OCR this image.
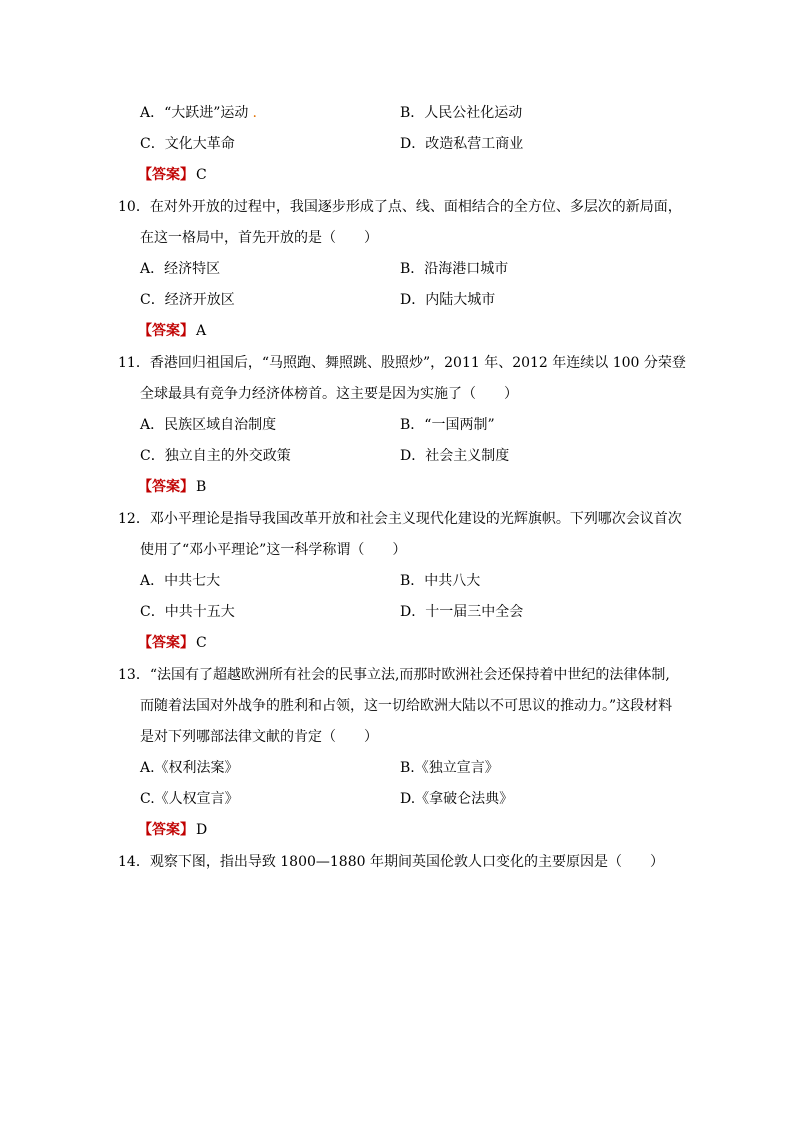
A．“大跃进”运动 .	B．人民公社化运动
C．文化大革命	D．改造私营工商业
【答案】 C
10．在对外开放的过程中，我国逐步形成了点、线、面相结合的全方位、多层次的新局面，
在这一格局中，首先开放的是（　　）
A．经济特区	B．沿海港口城市
C．经济开放区	D．内陆大城市
【答案】 A
11．香港回归祖国后，“马照跑、舞照跳、股照炒”，2011 年、2012 年连续以 100 分荣登
全球最具有竞争力经济体榜首。这主要是因为实施了（　　）
A．民族区域自治制度	B．“一国两制”
C．独立自主的外交政策	D．社会主义制度
【答案】 B
12．邓小平理论是指导我国改革开放和社会主义现代化建设的光辉旗帜。下列哪次会议首次
使用了“邓小平理论”这一科学称谓（　　）
A．中共七大	B．中共八大
C．中共十五大	D．十一届三中全会
【答案】 C
13．“法国有了超越欧洲所有社会的民事立法,而那时欧洲社会还保持着中世纪的法律体制,
而随着法国对外战争的胜利和占领，这一切给欧洲大陆以不可思议的推动力。”这段材料
是对下列哪部法律文献的肯定（　　）
A.《权利法案》	B.《独立宣言》
C.《人权宣言》	D.《拿破仑法典》
【答案】 D
14．观察下图，指出导致 1800—1880 年期间英国伦敦人口变化的主要原因是（　　）
